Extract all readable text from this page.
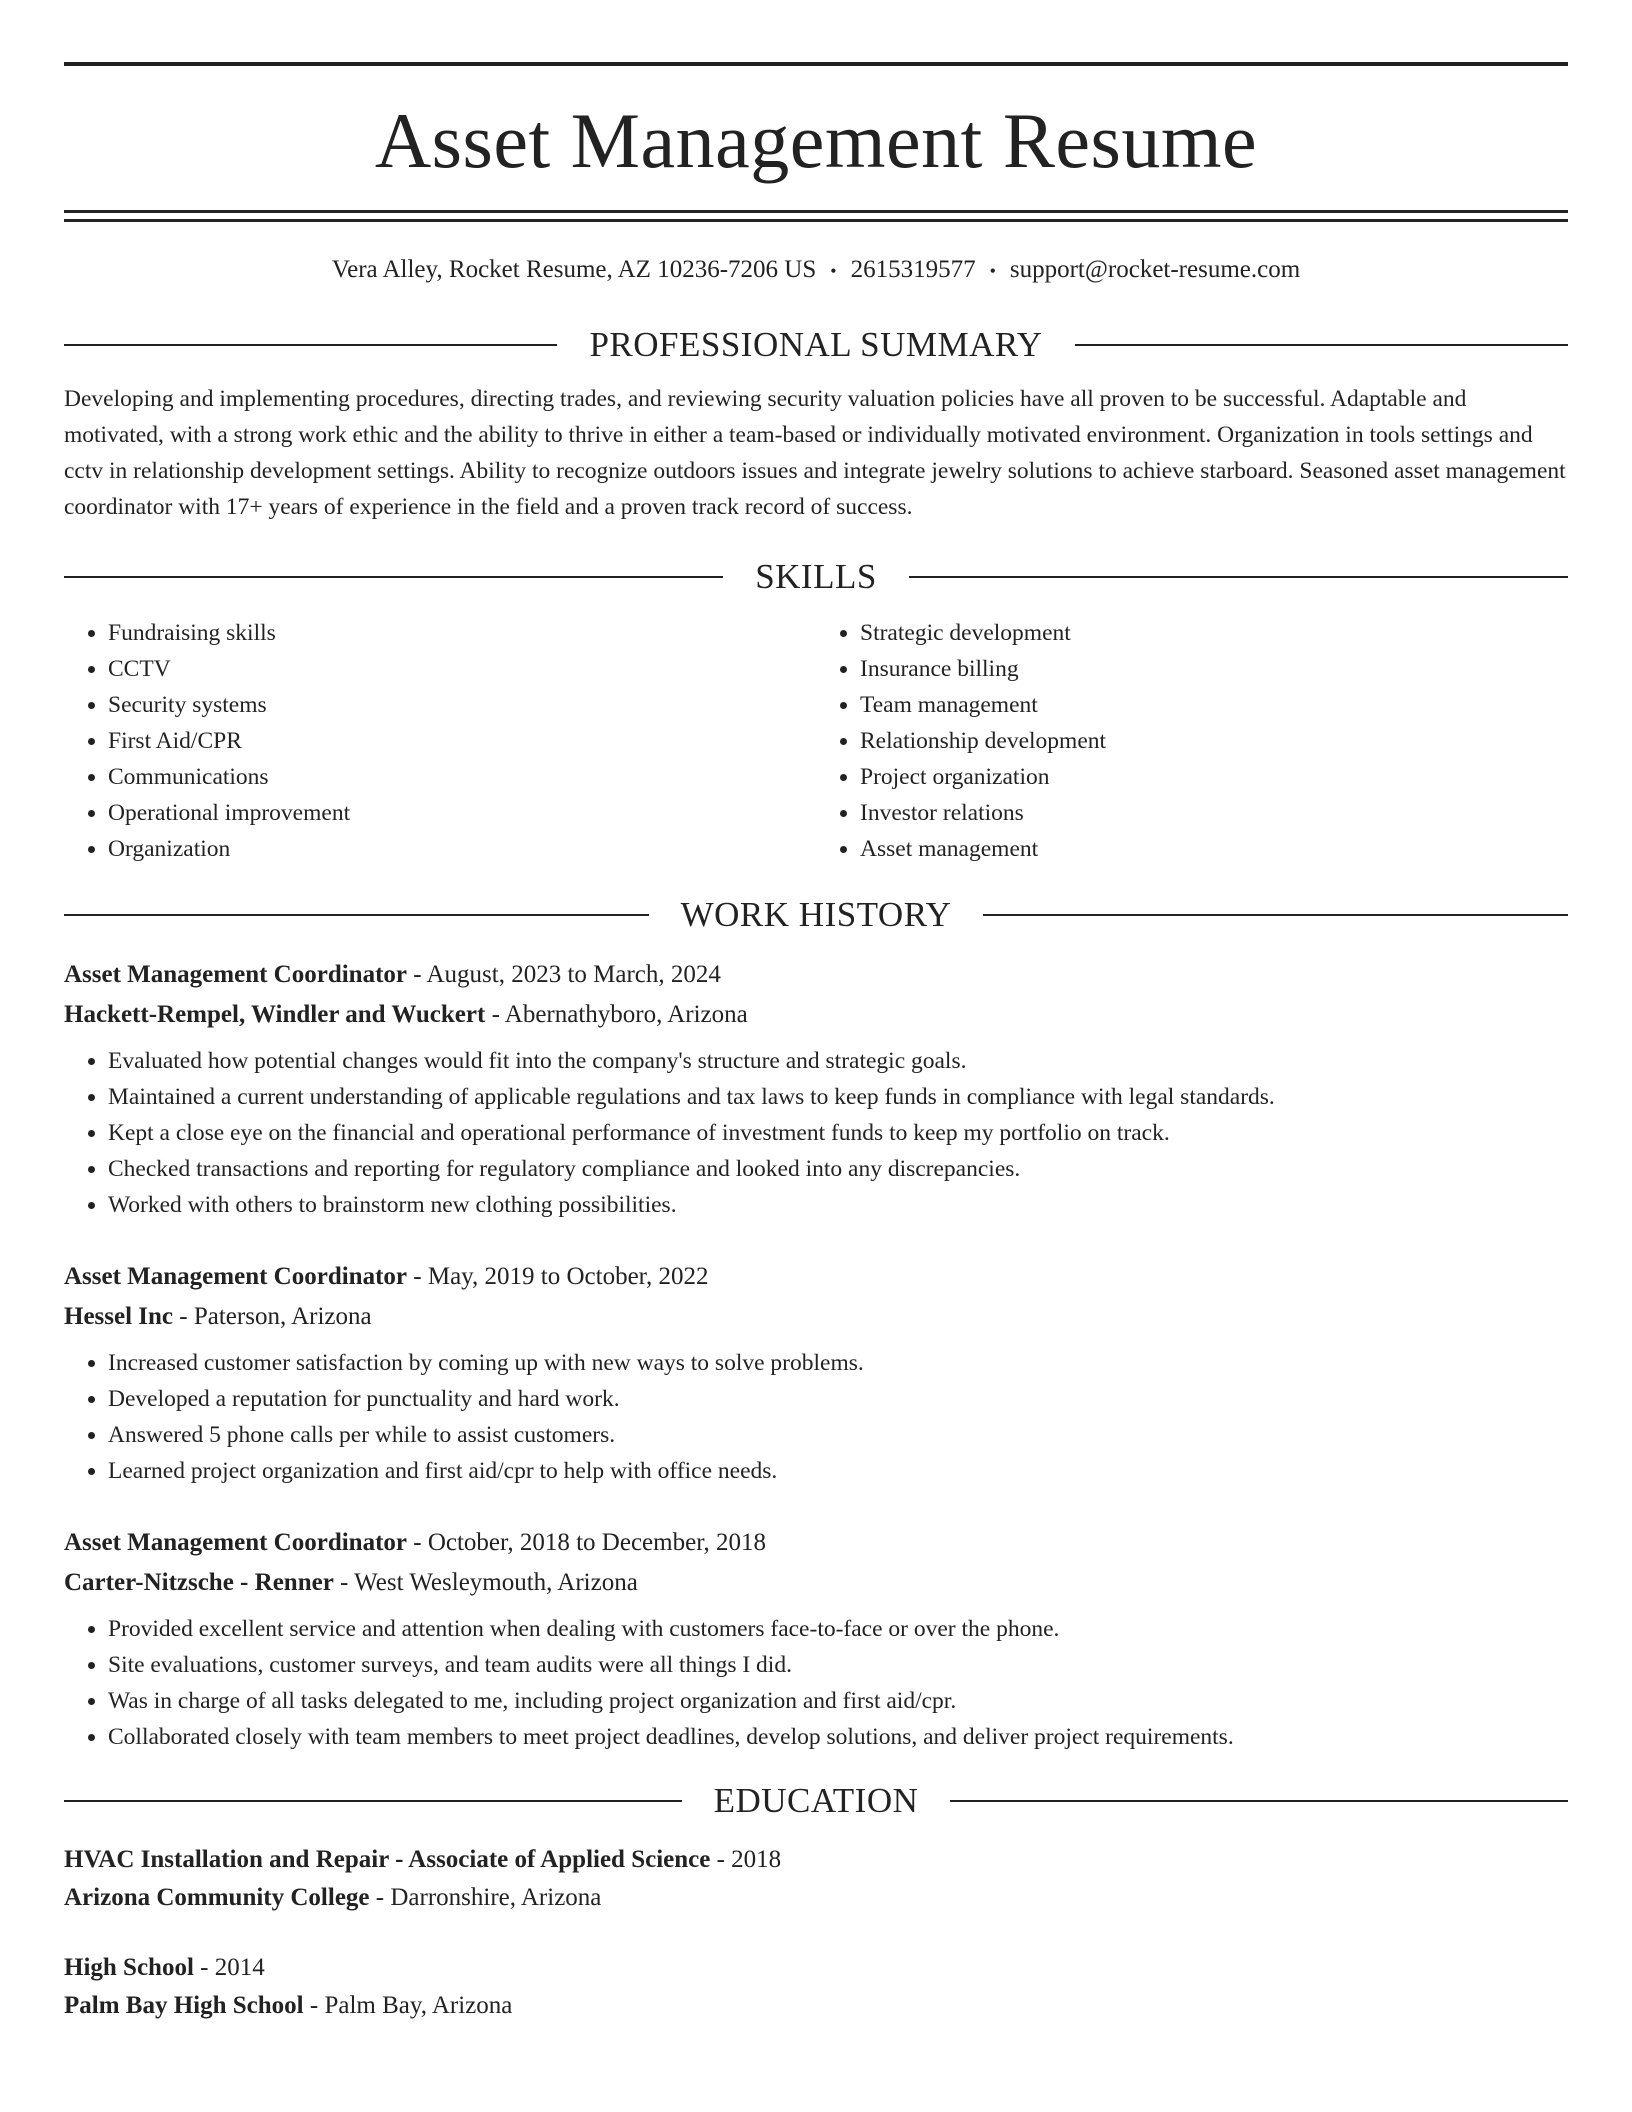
Asset Management Resume
Vera Alley, Rocket Resume, AZ 10236-7206 US • 2615319577 • support@rocket-resume.com
PROFESSIONAL SUMMARY
Developing and implementing procedures, directing trades, and reviewing security valuation policies have all proven to be successful. Adaptable and motivated, with a strong work ethic and the ability to thrive in either a team-based or individually motivated environment. Organization in tools settings and cctv in relationship development settings. Ability to recognize outdoors issues and integrate jewelry solutions to achieve starboard. Seasoned asset management coordinator with 17+ years of experience in the field and a proven track record of success.
SKILLS
• Fundraising skills
• CCTV
• Security systems
• First Aid/CPR
• Communications
• Operational improvement
• Organization
• Strategic development
• Insurance billing
• Team management
• Relationship development
• Project organization
• Investor relations
• Asset management
WORK HISTORY
Asset Management Coordinator - August, 2023 to March, 2024
Hackett-Rempel, Windler and Wuckert - Abernathyboro, Arizona
• Evaluated how potential changes would fit into the company's structure and strategic goals.
• Maintained a current understanding of applicable regulations and tax laws to keep funds in compliance with legal standards.
• Kept a close eye on the financial and operational performance of investment funds to keep my portfolio on track.
• Checked transactions and reporting for regulatory compliance and looked into any discrepancies.
• Worked with others to brainstorm new clothing possibilities.
Asset Management Coordinator - May, 2019 to October, 2022
Hessel Inc - Paterson, Arizona
• Increased customer satisfaction by coming up with new ways to solve problems.
• Developed a reputation for punctuality and hard work.
• Answered 5 phone calls per while to assist customers.
• Learned project organization and first aid/cpr to help with office needs.
Asset Management Coordinator - October, 2018 to December, 2018
Carter-Nitzsche - Renner - West Wesleymouth, Arizona
• Provided excellent service and attention when dealing with customers face-to-face or over the phone.
• Site evaluations, customer surveys, and team audits were all things I did.
• Was in charge of all tasks delegated to me, including project organization and first aid/cpr.
• Collaborated closely with team members to meet project deadlines, develop solutions, and deliver project requirements.
EDUCATION
HVAC Installation and Repair - Associate of Applied Science - 2018
Arizona Community College - Darronshire, Arizona
High School - 2014
Palm Bay High School - Palm Bay, Arizona
